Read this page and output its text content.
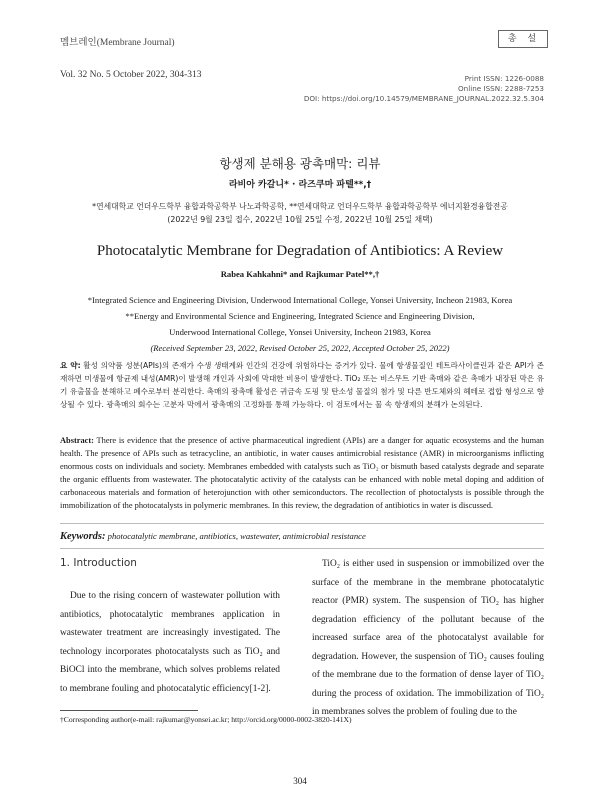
멤브레인(Membrane Journal)
Vol. 32 No. 5 October 2022, 304-313
총 설
Print ISSN: 1226-0088
Online ISSN: 2288-7253
DOI: https://doi.org/10.14579/MEMBRANE_JOURNAL.2022.32.5.304
항생제 분해용 광촉매막: 리뷰
라비아 카갈니* · 라즈쿠마 파텔**,†
*연세대학교 언더우드학부 융합과학공학부 나노과학공학, **연세대학교 언더우드학부 융합과학공학부 에너지환경융합전공
(2022년 9월 23일 접수, 2022년 10월 25일 수정, 2022년 10월 25일 채택)
Photocatalytic Membrane for Degradation of Antibiotics: A Review
Rabea Kahkahni* and Rajkumar Patel**,†
*Integrated Science and Engineering Division, Underwood International College, Yonsei University, Incheon 21983, Korea
**Energy and Environmental Science and Engineering, Integrated Science and Engineering Division,
Underwood International College, Yonsei University, Incheon 21983, Korea
(Received September 23, 2022, Revised October 25, 2022, Accepted October 25, 2022)
요 약: 활성 의약품 성분(APIs)의 존재가 수생 생태계와 인간의 건강에 위험하다는 증거가 있다. 물에 항생물질인 테트라사이클린과 같은 API가 존재하면 미생물에 항균제 내성(AMR)이 발생해 개인과 사회에 막대한 비용이 발생한다. TiO₂ 또는 비스무트 기반 촉매와 같은 촉매가 내장된 막은 유기 유출물을 분해하고 폐수로부터 분리한다. 촉매의 광촉매 활성은 귀금속 도핑 및 탄소성 물질의 첨가 및 다른 반도체와의 헤테로 접합 형성으로 향상될 수 있다. 광촉매의 회수는 고분자 막에서 광촉매의 고정화를 통해 가능하다. 이 검토에서는 물 속 항생제의 분해가 논의된다.
Abstract: There is evidence that the presence of active pharmaceutical ingredient (APIs) are a danger for aquatic ecosystems and the human health. The presence of APIs such as tetracycline, an antibiotic, in water causes antimicrobial resistance (AMR) in microorganisms inflicting enormous costs on individuals and society. Membranes embedded with catalysts such as TiO₂ or bismuth based catalysts degrade and separate the organic effluents from wastewater. The photocatalytic activity of the catalysts can be enhanced with noble metal doping and addition of carbonaceous materials and formation of heterojunction with other semiconductors. The recollection of photoctalysts is possible through the immobilization of the photocatalysts in polymeric membranes. In this review, the degradation of antibiotics in water is discussed.
Keywords: photocatalytic membrane, antibiotics, wastewater, antimicrobial resistance
1. Introduction
Due to the rising concern of wastewater pollution with antibiotics, photocatalytic membranes application in wastewater treatment are increasingly investigated. The technology incorporates photocatalysts such as TiO₂ and BiOCl into the membrane, which solves problems related to membrane fouling and photocatalytic efficiency[1-2].
TiO₂ is either used in suspension or immobilized over the surface of the membrane in the membrane photocatalytic reactor (PMR) system. The suspension of TiO₂ has higher degradation efficiency of the pollutant because of the increased surface area of the photocatalyst available for degradation. However, the suspension of TiO₂ causes fouling of the membrane due to the formation of dense layer of TiO₂ during the process of oxidation. The immobilization of TiO₂ in membranes solves the problem of fouling due to the
†Corresponding author(e-mail: rajkumar@yonsei.ac.kr; http://orcid.org/0000-0002-3820-141X)
304
